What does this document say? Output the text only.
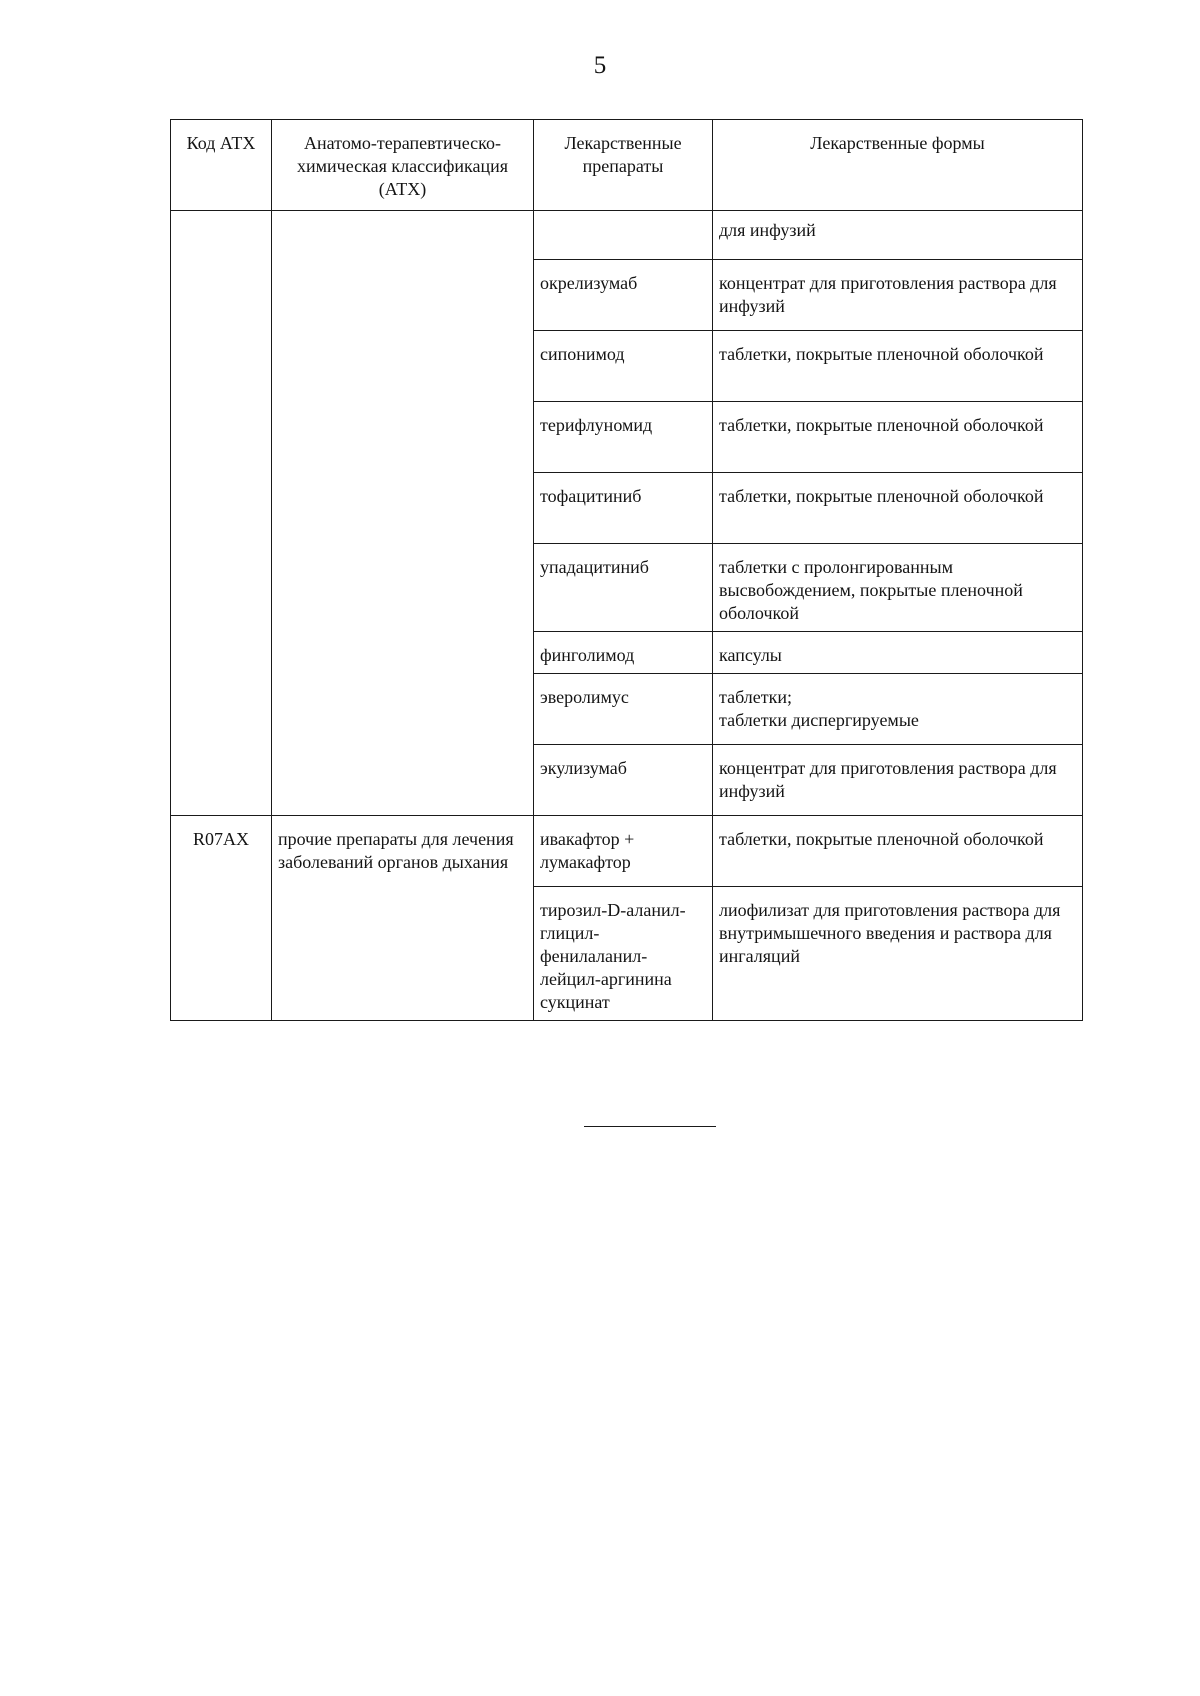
5
Код АТХ	Анатомо-терапевтическо-химическая классификация (АТХ)	Лекарственные препараты	Лекарственные формы
			для инфузий
		окрелизумаб	концентрат для приготовления раствора для инфузий
		сипонимод	таблетки, покрытые пленочной оболочкой
		терифлуномид	таблетки, покрытые пленочной оболочкой
		тофацитиниб	таблетки, покрытые пленочной оболочкой
		упадацитиниб	таблетки с пролонгированным высвобождением, покрытые пленочной оболочкой
		финголимод	капсулы
		эверолимус	таблетки;
таблетки диспергируемые

		экулизумаб	концентрат для приготовления раствора для инфузий
R07AX	прочие препараты для лечения заболеваний органов дыхания	ивакафтор + лумакафтор	таблетки, покрытые пленочной оболочкой
		тирозил-D-аланил-глицил-фенилаланил-лейцил-аргинина сукцинат	лиофилизат для приготовления раствора для внутримышечного введения и раствора для ингаляций
